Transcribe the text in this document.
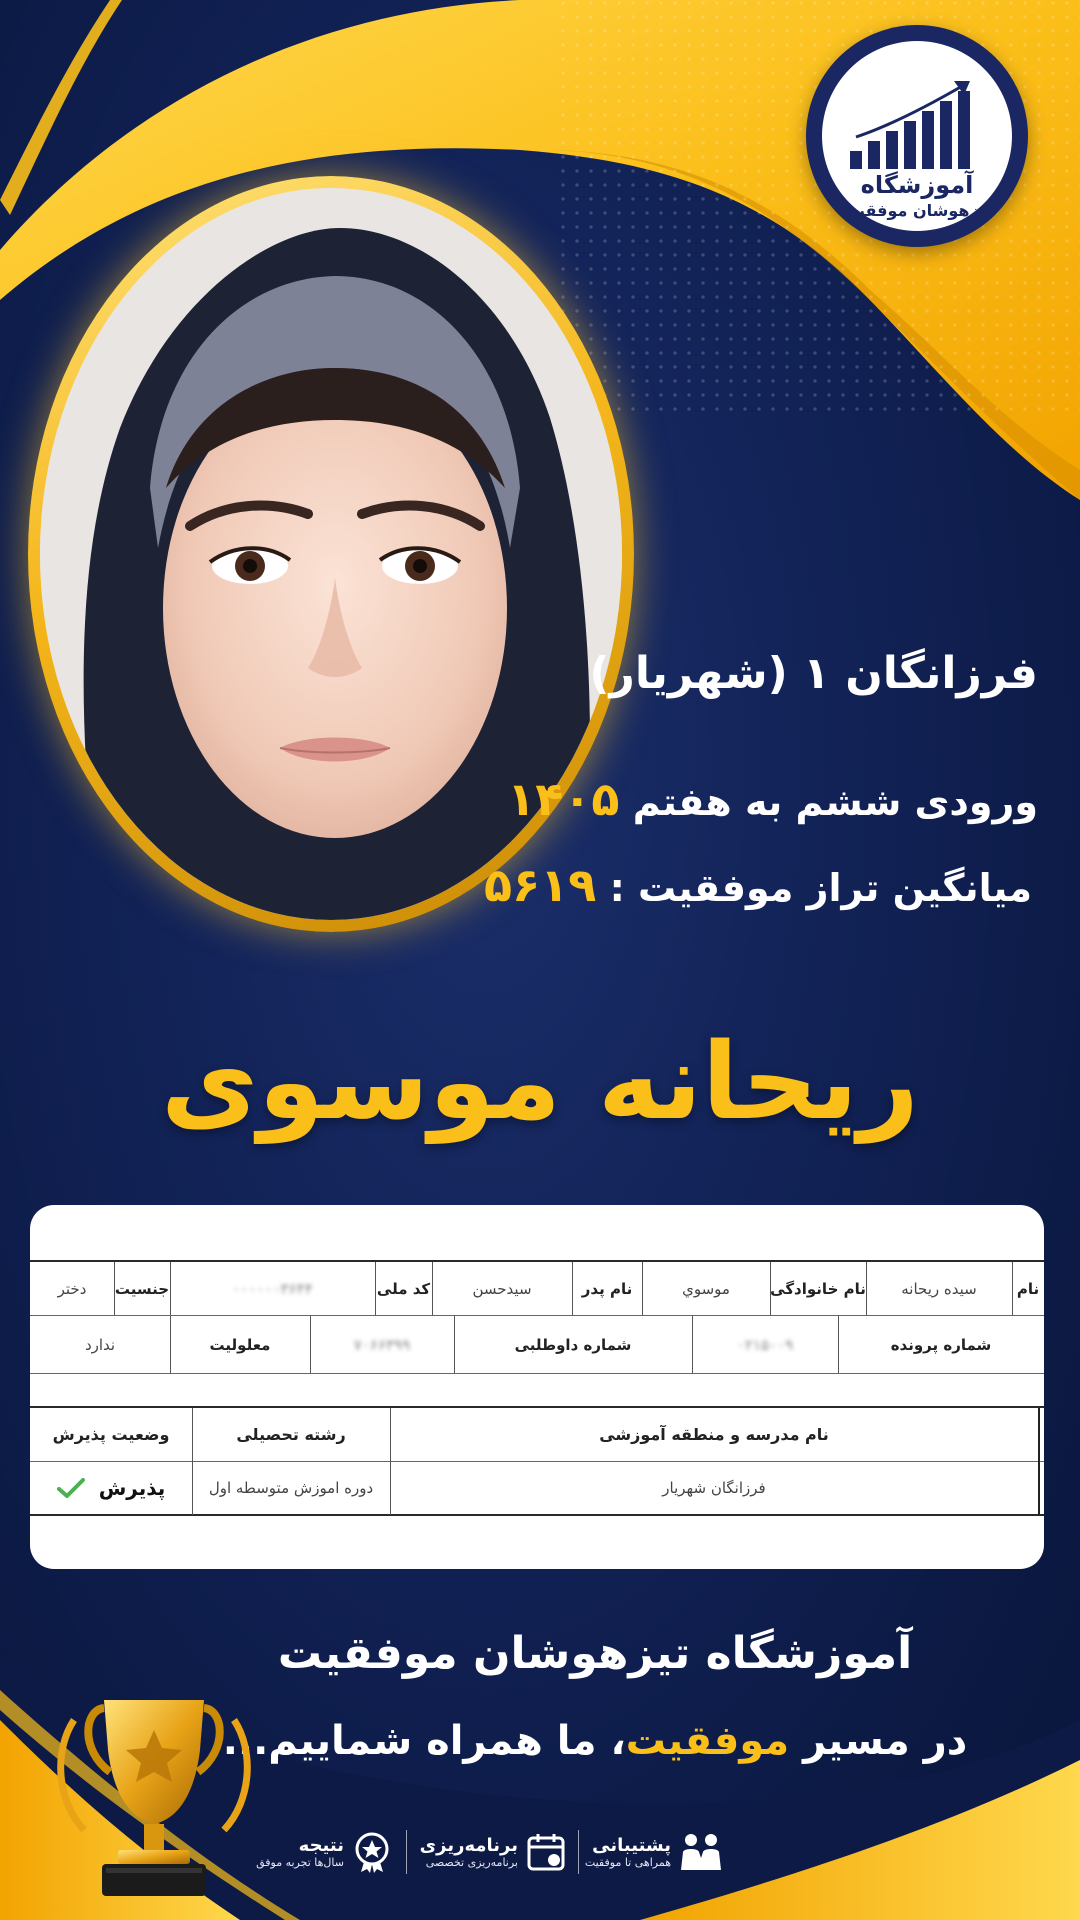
آموزشگاه
تیزهوشان موفقیت
فرزانگان ۱ (شهریار)
ورودی ششم به هفتم ۱۴۰۵
میانگین تراز موفقیت : ۵۶۱۹
ریحانه موسوی
نام
سیده ریحانه
نام خانوادگی
موسوي
نام پدر
سیدحسن
کد ملی
۰۰۰۰۰۰۳۶۴۴
جنسیت
دختر
شماره پرونده
۰۲۱۵۰۰۹
شماره داوطلبی
۷۰۶۶۳۹۹
معلولیت
ندارد
نام مدرسه و منطقه آموزشی
رشته تحصیلی
وضعیت پذیرش
فرزانگان شهریار
دوره اموزش متوسطه اول
پذیرش
آموزشگاه تیزهوشان موفقیت
در مسیر موفقیت، ما همراه شماییم...
پشتیبانی
همراهی تا موفقیت
برنامه‌ریزی
برنامه‌ریزی تخصصی
نتیجه
سال‌ها تجربه موفق
